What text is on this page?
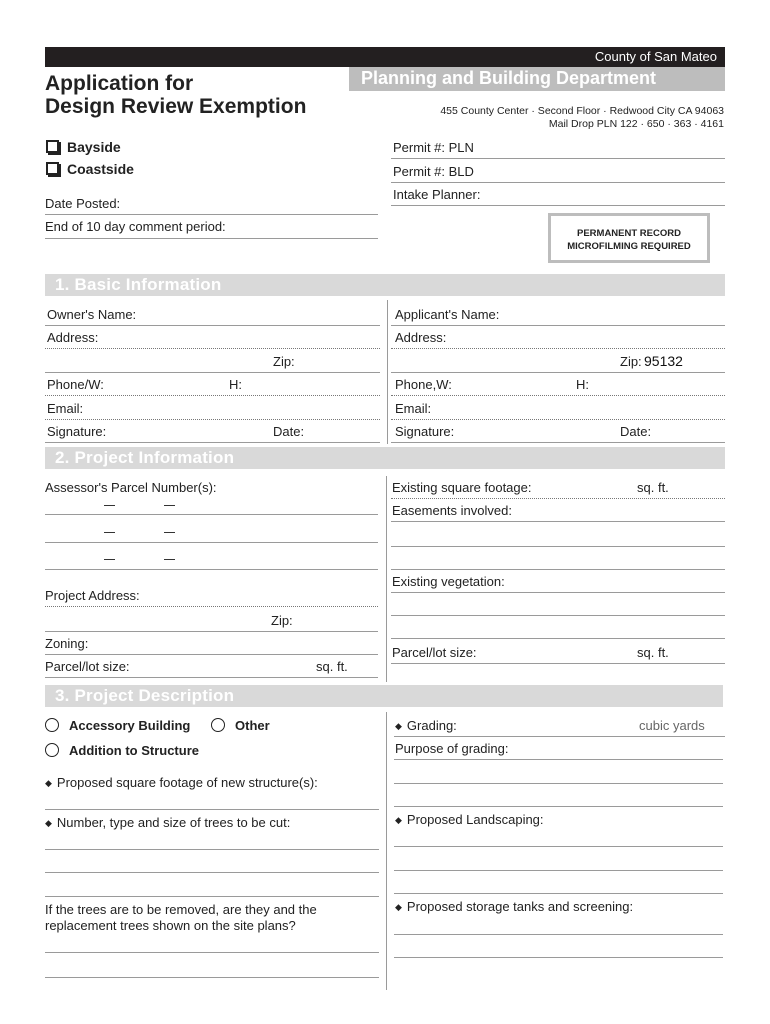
County of San Mateo
Planning and Building Department
455 County Center · Second Floor · Redwood City CA 94063
Mail Drop PLN 122 · 650 · 363 · 4161
Application for
Design Review Exemption
Bayside
Coastside
Date Posted:
End of 10 day comment period:
Permit #: PLN
Permit #: BLD
Intake Planner:
PERMANENT RECORD
MICROFILMING REQUIRED
1. Basic Information
Owner's Name:
Address:
Zip:
Phone/W:	H:
Email:
Signature:	Date:
Applicant's Name:
Address:
Zip: 95132
Phone,W:	H:
Email:
Signature:	Date:
2. Project Information
Assessor's Parcel Number(s):
Project Address:
Zip:
Zoning:
Parcel/lot size:	sq. ft.
Existing square footage:	sq. ft.
Easements involved:
Existing vegetation:
Parcel/lot size:	sq. ft.
3. Project Description
Accessory Building	Other
Addition to Structure
◆ Proposed square footage of new structure(s):
◆ Number, type and size of trees to be cut:
If the trees are to be removed, are they and the
replacement trees shown on the site plans?
◆ Grading:	cubic yards
Purpose of grading:
◆ Proposed Landscaping:
◆ Proposed storage tanks and screening:
